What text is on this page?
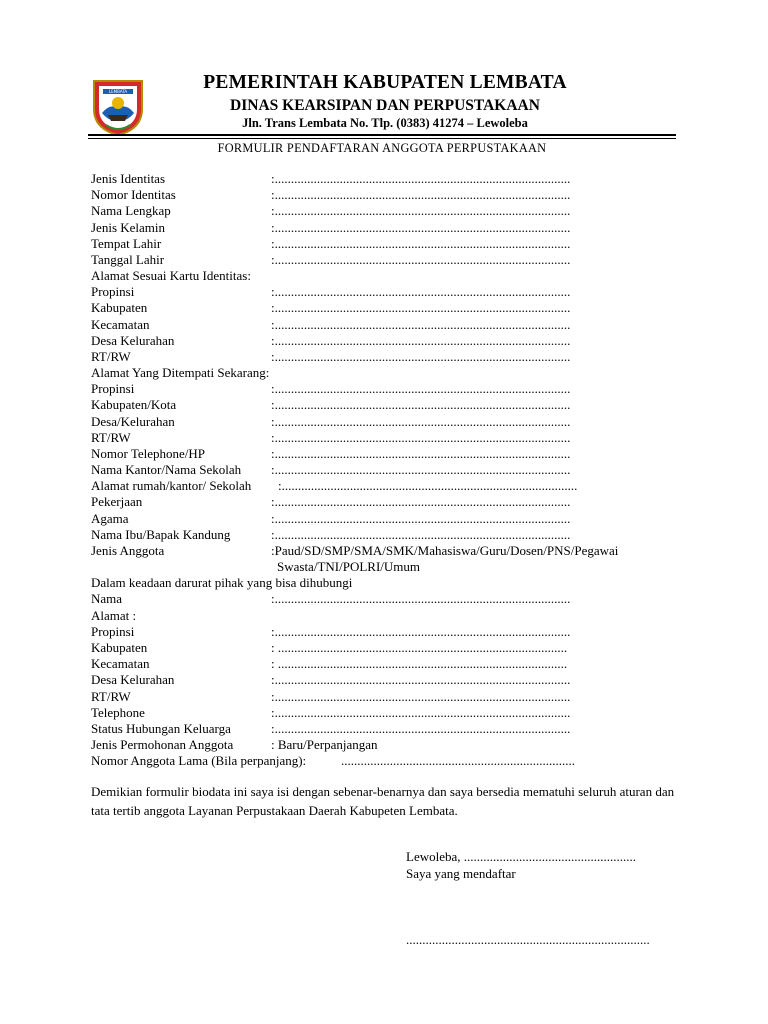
LEMBATA	PEMERINTAH KABUPATEN LEMBATA
DINAS KEARSIPAN DAN PERPUSTAKAAN
Jln. Trans Lembata No. Tlp. (0383) 41274 – Lewoleba
FORMULIR PENDAFTARAN ANGGOTA PERPUSTAKAAN
Jenis Identitas	:...........................................................................................
Nomor Identitas	:...........................................................................................
Nama Lengkap	:...........................................................................................
Jenis Kelamin	:...........................................................................................
Tempat Lahir	:...........................................................................................
Tanggal Lahir	:...........................................................................................
Alamat Sesuai Kartu Identitas:
Propinsi	:...........................................................................................
Kabupaten	:...........................................................................................
Kecamatan	:...........................................................................................
Desa Kelurahan	:...........................................................................................
RT/RW	:...........................................................................................
Alamat Yang Ditempati Sekarang:
Propinsi	:...........................................................................................
Kabupaten/Kota	:...........................................................................................
Desa/Kelurahan	:...........................................................................................
RT/RW	:...........................................................................................
Nomor Telephone/HP	:...........................................................................................
Nama Kantor/Nama Sekolah :...........................................................................................
Alamat rumah/kantor/ Sekolah :...........................................................................................
Pekerjaan	:...........................................................................................
Agama	:...........................................................................................
Nama Ibu/Bapak Kandung	:...........................................................................................
Jenis Anggota	:Paud/SD/SMP/SMA/SMK/Mahasiswa/Guru/Dosen/PNS/Pegawai
Swasta/TNI/POLRI/Umum
Dalam keadaan darurat pihak yang bisa dihubungi
Nama	:...........................................................................................
Alamat :
Propinsi	:...........................................................................................
Kabupaten	: .........................................................................................
Kecamatan	: .........................................................................................
Desa Kelurahan	:...........................................................................................
RT/RW	:...........................................................................................
Telephone	:...........................................................................................
Status Hubungan Keluarga	:...........................................................................................
Jenis Permohonan Anggota	: Baru/Perpanjangan
Nomor Anggota Lama (Bila perpanjang):	........................................................................
Demikian formulir biodata ini saya isi dengan sebenar-benarnya dan saya bersedia mematuhi seluruh aturan dan tata tertib anggota Layanan Perpustakaan Daerah Kabupeten Lembata.
Lewoleba, .....................................................
Saya yang mendaftar
...........................................................................
